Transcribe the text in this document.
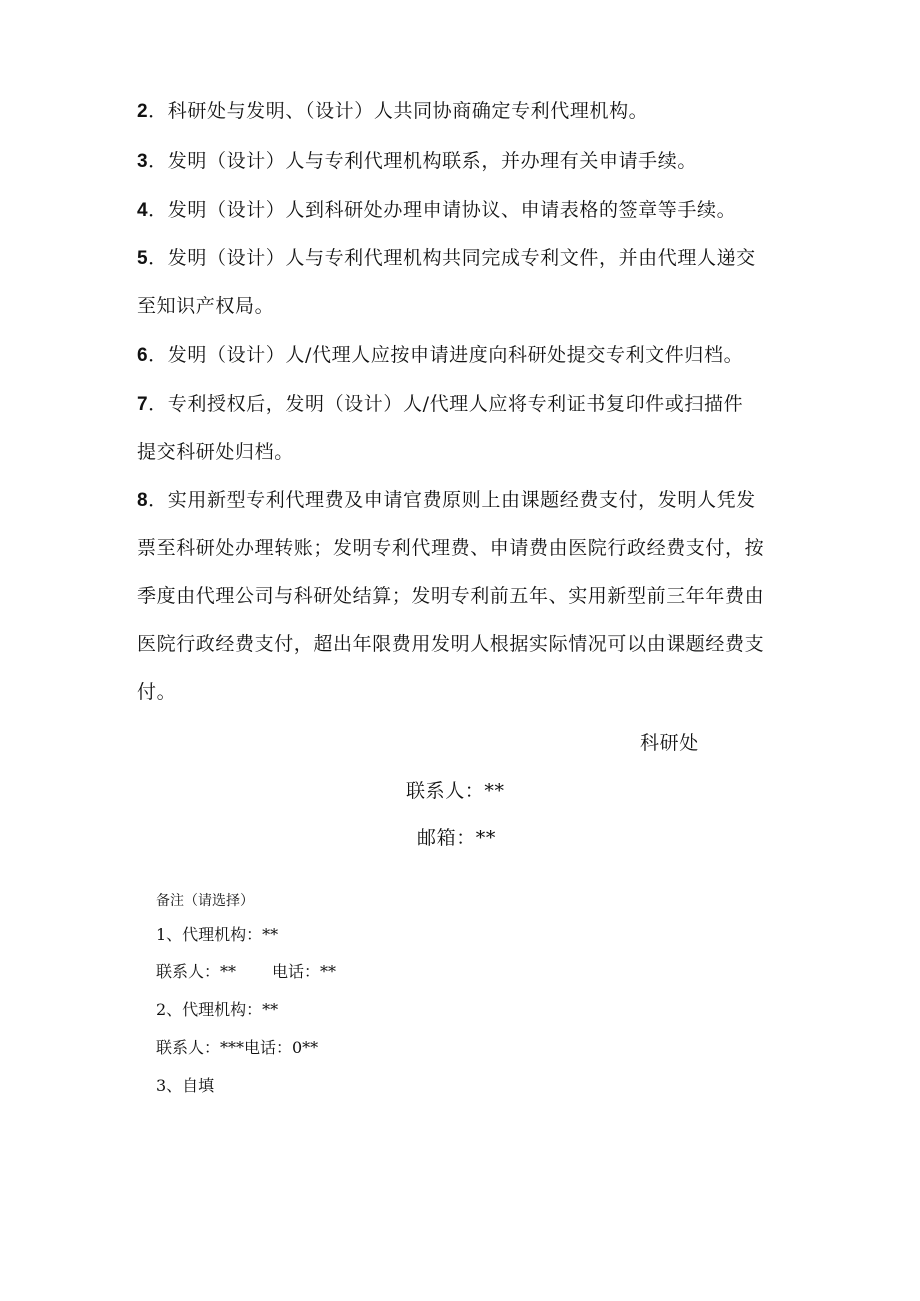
2．科研处与发明、（设计）人共同协商确定专利代理机构。
3．发明（设计）人与专利代理机构联系，并办理有关申请手续。
4．发明（设计）人到科研处办理申请协议、申请表格的签章等手续。
5．发明（设计）人与专利代理机构共同完成专利文件，并由代理人递交
至知识产权局。
6．发明（设计）人/代理人应按申请进度向科研处提交专利文件归档。
7．专利授权后，发明（设计）人/代理人应将专利证书复印件或扫描件
提交科研处归档。
8．实用新型专利代理费及申请官费原则上由课题经费支付，发明人凭发
票至科研处办理转账；发明专利代理费、申请费由医院行政经费支付，按
季度由代理公司与科研处结算；发明专利前五年、实用新型前三年年费由
医院行政经费支付，超出年限费用发明人根据实际情况可以由课题经费支
付。
科研处
联系人：**
邮箱：**
备注（请选择）
1、代理机构：**
联系人：** 电话：**
2、代理机构：**
联系人：***电话：0**
3、自填
